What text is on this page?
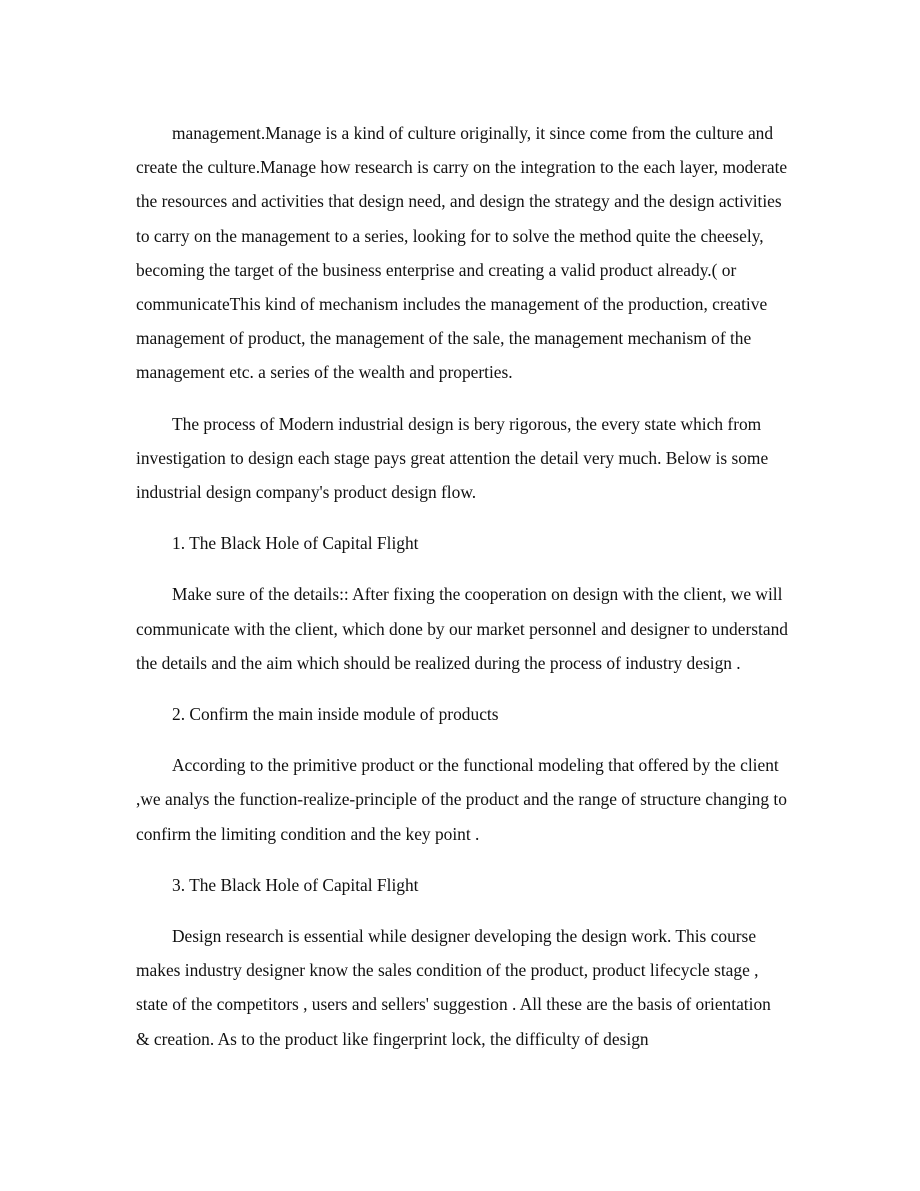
management.Manage is a kind of culture originally, it since come from the culture and create the culture.Manage how research is carry on the integration to the each layer, moderate the resources and activities that design need, and design the strategy and the design activities to carry on the management to a series, looking for to solve the method quite the cheesely, becoming the target of the business enterprise and creating a valid product already.( or communicateThis kind of mechanism includes the management of the production, creative management of product, the management of the sale, the management mechanism of the management etc. a series of the wealth and properties.

The process of Modern industrial design is bery rigorous, the every state which from investigation to design each stage pays great attention the detail very much. Below is some industrial design company's product design flow.

1. The Black Hole of Capital Flight

Make sure of the details:: After fixing the cooperation on design with the client, we will communicate with the client, which done by our market personnel and designer to understand the details and the aim which should be realized during the process of industry design .

2. Confirm the main inside module of products

According to the primitive product or the functional modeling that offered by the client ,we analys the function-realize-principle of the product and the range of structure changing to confirm the limiting condition and the key point .

3. The Black Hole of Capital Flight

Design research is essential while designer developing the design work. This course makes industry designer know the sales condition of the product, product lifecycle stage , state of the competitors , users and sellers' suggestion . All these are the basis of orientation & creation. As to the product like fingerprint lock, the difficulty of design
